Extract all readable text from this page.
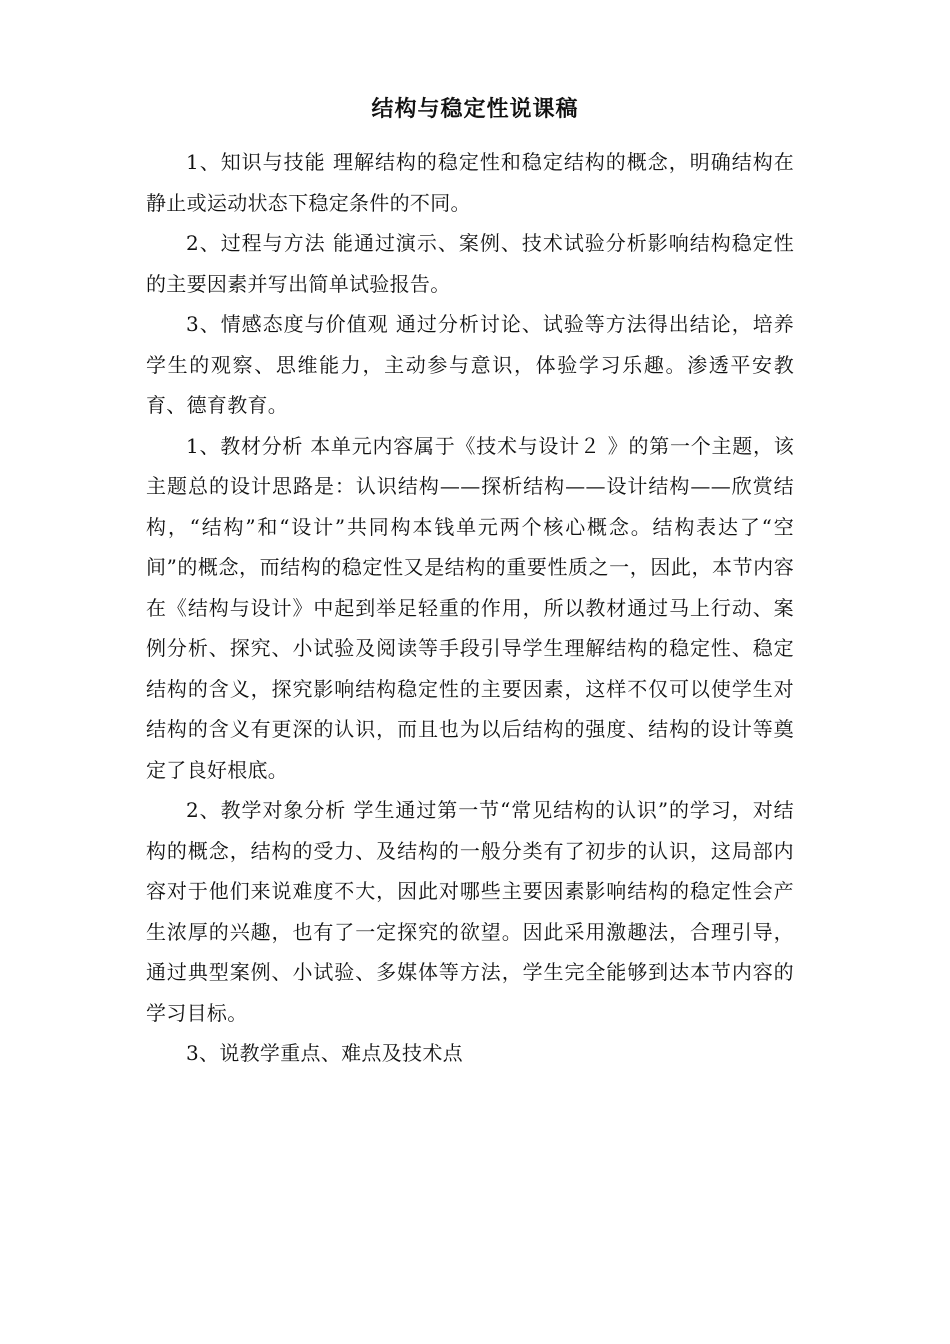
结构与稳定性说课稿

1、知识与技能 理解结构的稳定性和稳定结构的概念，明确结构在静止或运动状态下稳定条件的不同。

2、过程与方法 能通过演示、案例、技术试验分析影响结构稳定性的主要因素并写出简单试验报告。

3、情感态度与价值观 通过分析讨论、试验等方法得出结论，培养学生的观察、思维能力，主动参与意识，体验学习乐趣。渗透平安教育、德育教育。

1、教材分析 本单元内容属于《技术与设计２ 》的第一个主题，该主题总的设计思路是：认识结构——探析结构——设计结构——欣赏结构，“结构”和“设计”共同构本钱单元两个核心概念。结构表达了“空间”的概念，而结构的稳定性又是结构的重要性质之一，因此，本节内容在《结构与设计》中起到举足轻重的作用，所以教材通过马上行动、案例分析、探究、小试验及阅读等手段引导学生理解结构的稳定性、稳定结构的含义，探究影响结构稳定性的主要因素，这样不仅可以使学生对结构的含义有更深的认识，而且也为以后结构的强度、结构的设计等奠定了良好根底。

2、教学对象分析 学生通过第一节“常见结构的认识”的学习，对结构的概念，结构的受力、及结构的一般分类有了初步的认识，这局部内容对于他们来说难度不大，因此对哪些主要因素影响结构的稳定性会产生浓厚的兴趣，也有了一定探究的欲望。因此采用激趣法，合理引导，通过典型案例、小试验、多媒体等方法，学生完全能够到达本节内容的学习目标。

3、说教学重点、难点及技术点
